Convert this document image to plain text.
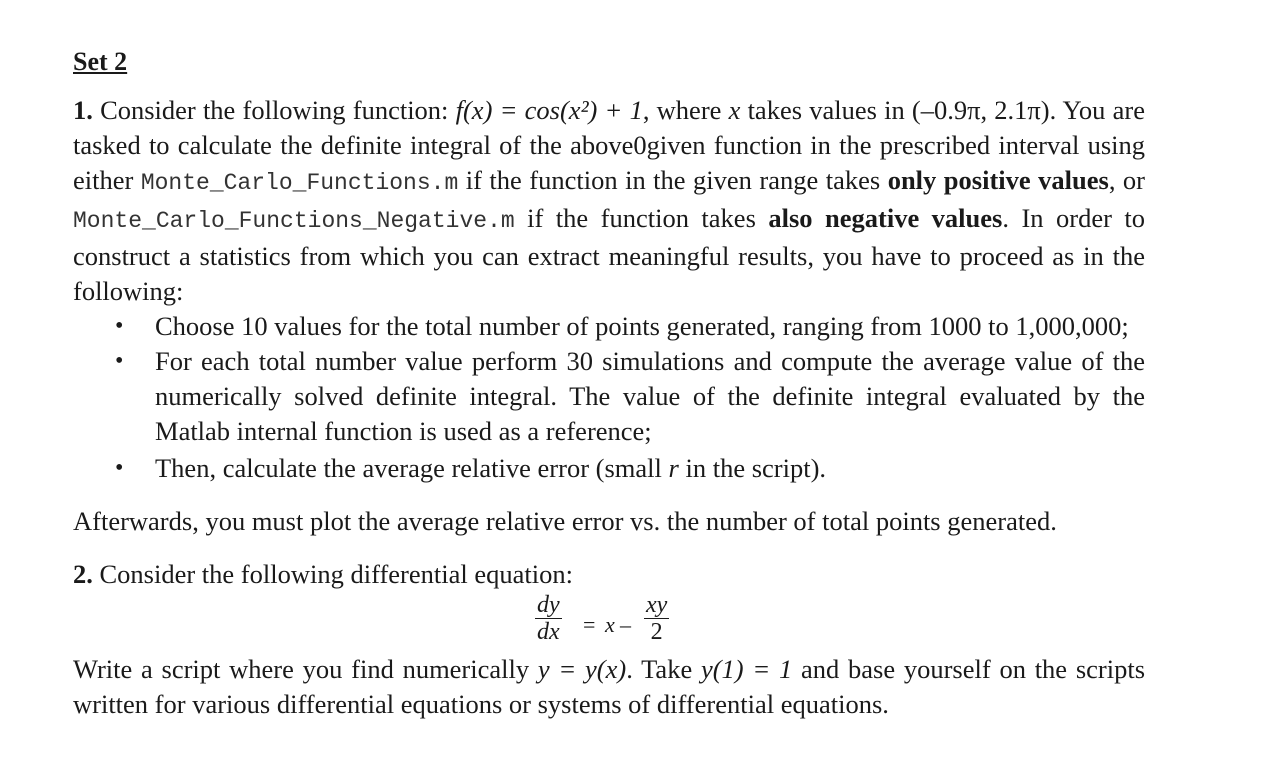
Set 2

1. Consider the following function: f(x) = cos(x²) + 1, where x takes values in (–0.9π, 2.1π). You are tasked to calculate the definite integral of the above0given function in the prescribed interval using either Monte_Carlo_Functions.m if the function in the given range takes only positive values, or Monte_Carlo_Functions_Negative.m if the function takes also negative values. In order to construct a statistics from which you can extract meaningful results, you have to proceed as in the following:

• Choose 10 values for the total number of points generated, ranging from 1000 to 1,000,000;
• For each total number value perform 30 simulations and compute the average value of the numerically solved definite integral. The value of the definite integral evaluated by the Matlab internal function is used as a reference;
• Then, calculate the average relative error (small r in the script).

Afterwards, you must plot the average relative error vs. the number of total points generated.

2. Consider the following differential equation:

$\frac{dy}{dx} = x - \frac{xy}{2}$

Write a script where you find numerically y = y(x). Take y(1) = 1 and base yourself on the scripts written for various differential equations or systems of differential equations.
